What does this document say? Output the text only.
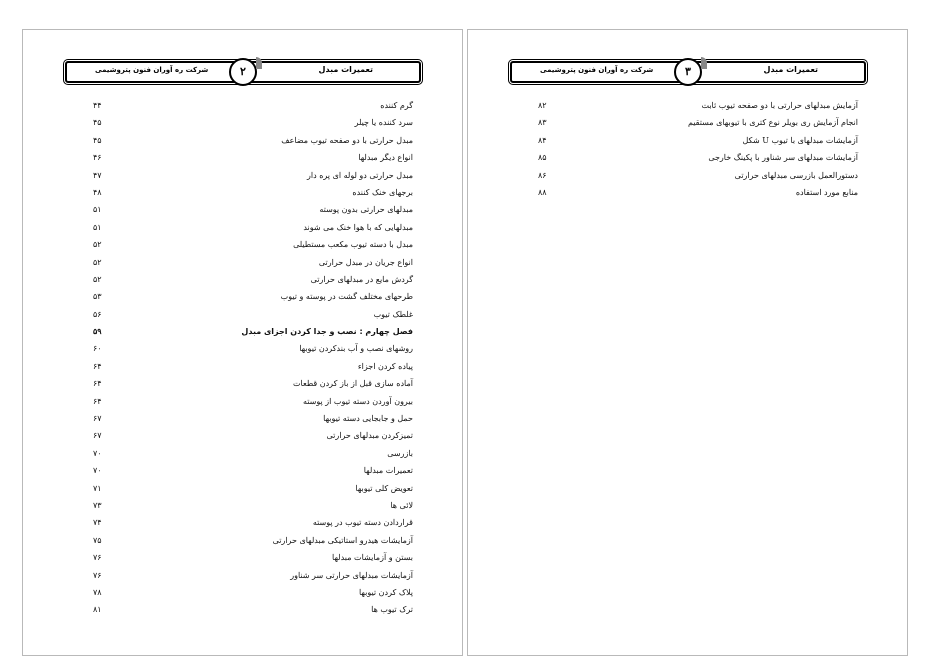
تعمیرات مبدل
۲
شرکت ره آوران فنون پتروشیمی
گرم کننده
۴۴
سرد کننده یا چیلر
۴۵
مبدل حرارتی با دو صفحه تیوب مضاعف
۴۵
انواع دیگر مبدلها
۴۶
مبدل حرارتی دو لوله ای پره دار
۴۷
برجهای خنک کننده
۴۸
مبدلهای حرارتی بدون پوسته
۵۱
مبدلهایی که با هوا خنک می شوند
۵۱
مبدل با دسته تیوب مکعب مستطیلی
۵۲
انواع جریان در مبدل حرارتی
۵۲
گردش مایع در مبدلهای حرارتی
۵۲
طرحهای مختلف گشت در پوسته و تیوب
۵۳
غلطک تیوب
۵۶
فصل چهارم : نصب و جدا کردن اجزای مبدل
۵۹
روشهای نصب و آب بندکردن تیوبها
۶۰
پیاده کردن اجزاء
۶۴
آماده سازی قبل از باز کردن قطعات
۶۴
بیرون آوردن دسته تیوب از پوسته
۶۴
حمل و جابجایی دسته تیوبها
۶۷
تمیزکردن مبدلهای حرارتی
۶۷
بازرسی
۷۰
تعمیرات مبدلها
۷۰
تعویض کلی تیوبها
۷۱
لائی ها
۷۳
قراردادن دسته تیوب در پوسته
۷۴
آزمایشات هیدرو استاتیکی مبدلهای حرارتی
۷۵
بستن و آزمایشات مبدلها
۷۶
آزمایشات مبدلهای حرارتی سر شناور
۷۶
پلاک کردن تیوبها
۷۸
ترک تیوب ها
۸۱
تعمیرات مبدل
۳
شرکت ره آوران فنون پتروشیمی
آزمایش مبدلهای حرارتی با دو صفحه تیوب ثابت
۸۲
انجام آزمایش ری بویلر نوع کتری با تیوبهای مستقیم
۸۳
آزمایشات مبدلهای با تیوب U شکل
۸۴
آزمایشات مبدلهای سر شناور با پکینگ خارجی
۸۵
دستورالعمل بازرسی مبدلهای حرارتی
۸۶
منابع مورد استفاده
۸۸
